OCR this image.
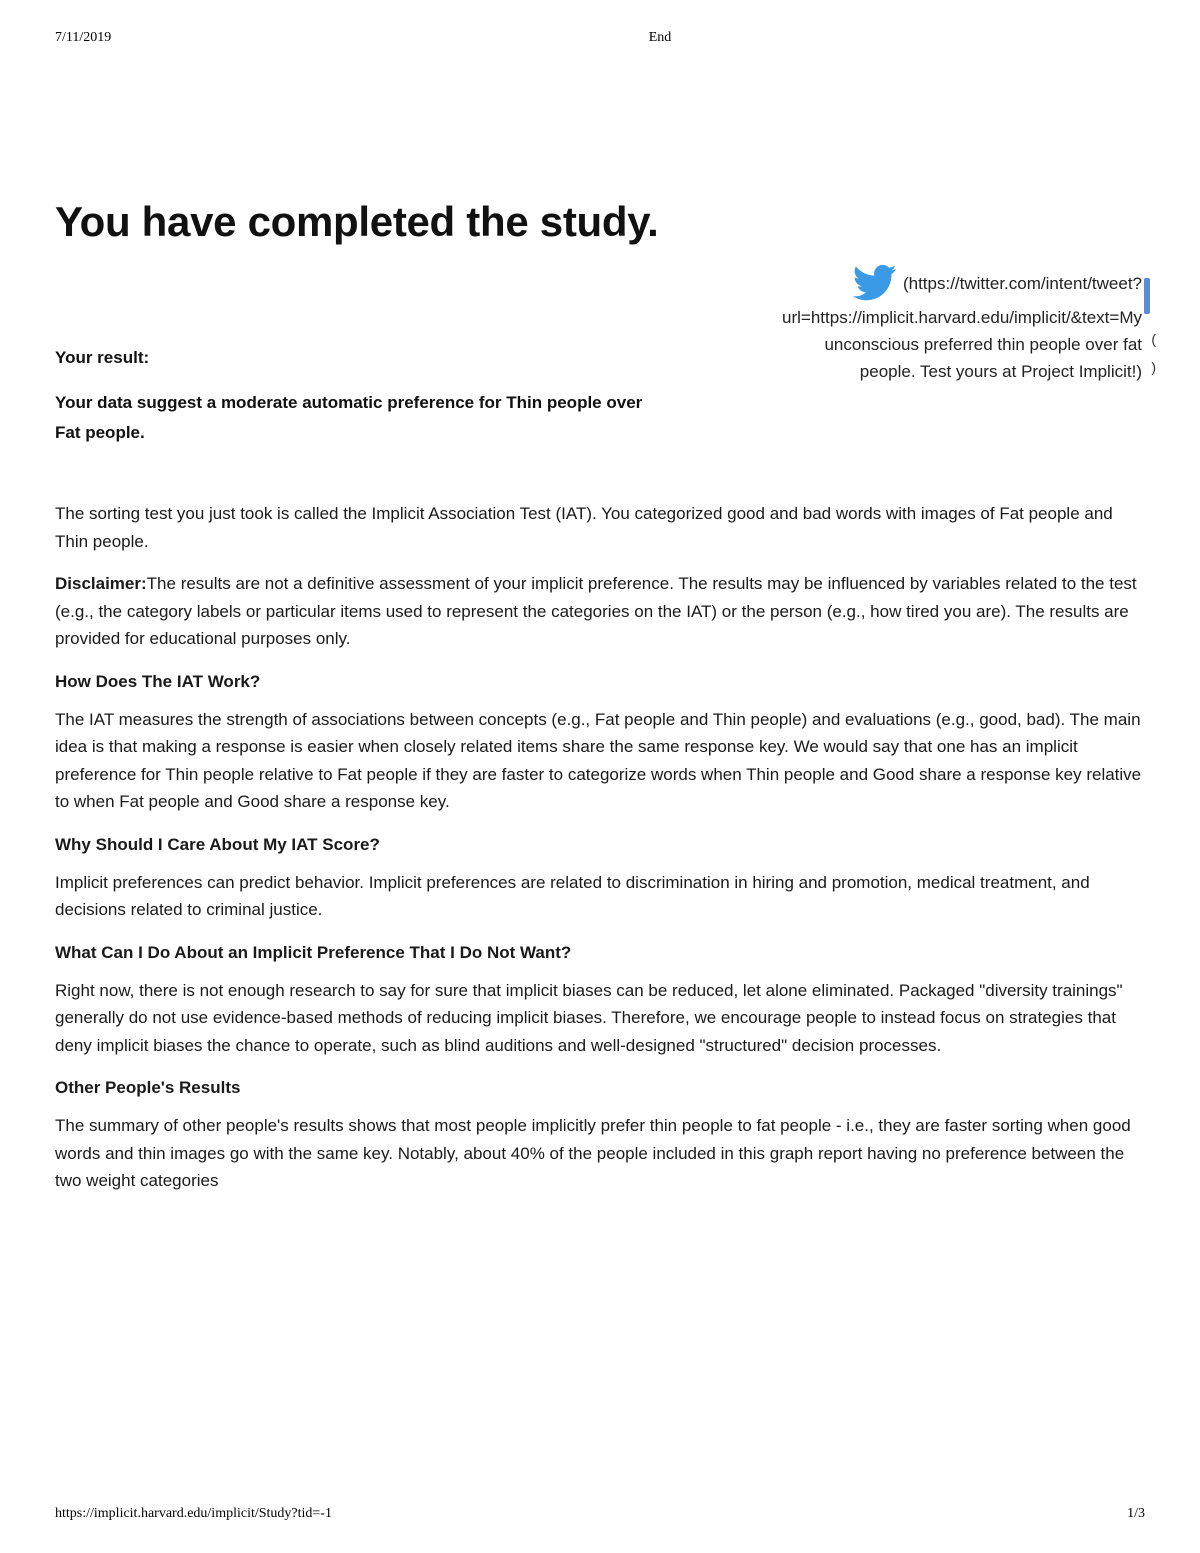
7/11/2019	End
You have completed the study.
(https://twitter.com/intent/tweet?
url=https://implicit.harvard.edu/implicit/&text=My
unconscious preferred thin people over fat
people. Test yours at Project Implicit!)
(
)
Your result:
Your data suggest a moderate automatic preference for Thin people over Fat people.

The sorting test you just took is called the Implicit Association Test (IAT). You categorized good and bad words with images of Fat people and Thin people.

Disclaimer:The results are not a definitive assessment of your implicit preference. The results may be influenced by variables related to the test (e.g., the category labels or particular items used to represent the categories on the IAT) or the person (e.g., how tired you are). The results are provided for educational purposes only.

How Does The IAT Work?

The IAT measures the strength of associations between concepts (e.g., Fat people and Thin people) and evaluations (e.g., good, bad). The main idea is that making a response is easier when closely related items share the same response key. We would say that one has an implicit preference for Thin people relative to Fat people if they are faster to categorize words when Thin people and Good share a response key relative to when Fat people and Good share a response key.

Why Should I Care About My IAT Score?

Implicit preferences can predict behavior. Implicit preferences are related to discrimination in hiring and promotion, medical treatment, and decisions related to criminal justice.

What Can I Do About an Implicit Preference That I Do Not Want?

Right now, there is not enough research to say for sure that implicit biases can be reduced, let alone eliminated. Packaged "diversity trainings" generally do not use evidence-based methods of reducing implicit biases. Therefore, we encourage people to instead focus on strategies that deny implicit biases the chance to operate, such as blind auditions and well-designed "structured" decision processes.

Other People's Results

The summary of other people's results shows that most people implicitly prefer thin people to fat people - i.e., they are faster sorting when good words and thin images go with the same key. Notably, about 40% of the people included in this graph report having no preference between the two weight categories

https://implicit.harvard.edu/implicit/Study?tid=-1	1/3
